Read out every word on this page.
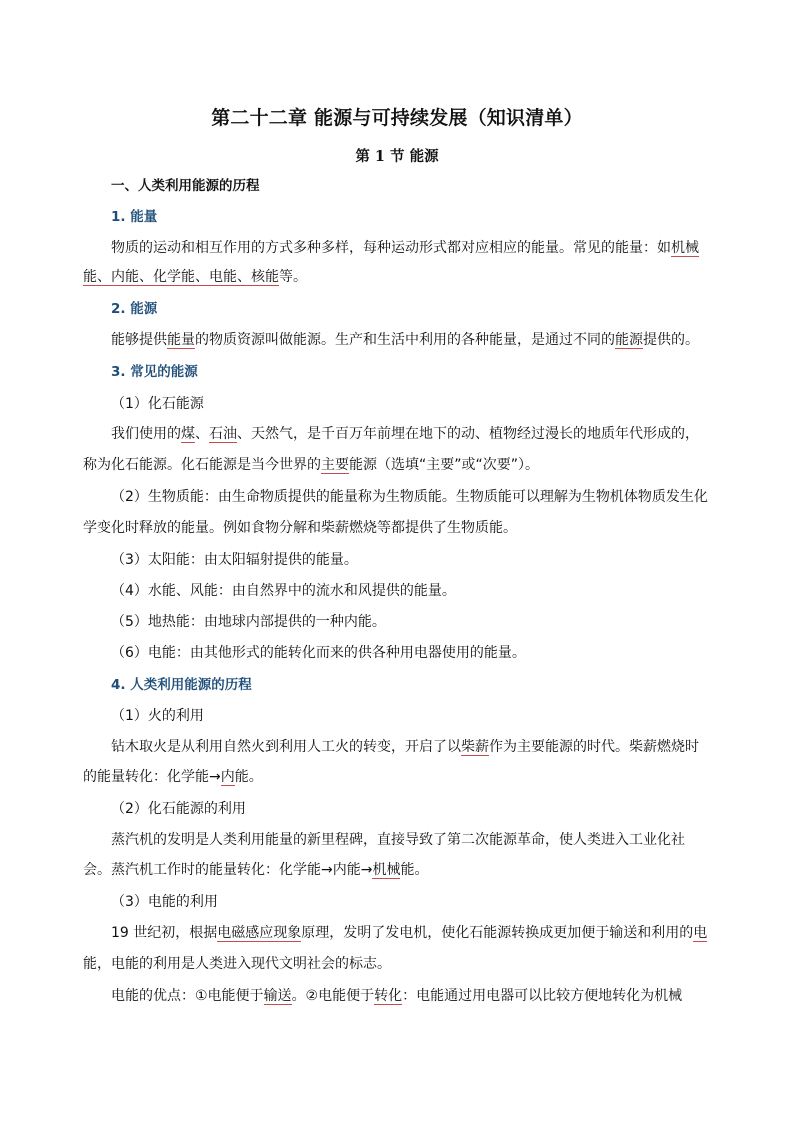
第二十二章 能源与可持续发展（知识清单）
第 1 节 能源
一、人类利用能源的历程
1. 能量
物质的运动和相互作用的方式多种多样，每种运动形式都对应相应的能量。常见的能量：如机械
能、内能、化学能、电能、核能等。
2. 能源
能够提供能量的物质资源叫做能源。生产和生活中利用的各种能量，是通过不同的能源提供的。
3. 常见的能源
（1）化石能源
我们使用的煤、石油、天然气，是千百万年前埋在地下的动、植物经过漫长的地质年代形成的，
称为化石能源。化石能源是当今世界的主要能源（选填“主要”或“次要”）。
（2）生物质能：由生命物质提供的能量称为生物质能。生物质能可以理解为生物机体物质发生化
学变化时释放的能量。例如食物分解和柴薪燃烧等都提供了生物质能。
（3）太阳能：由太阳辐射提供的能量。
（4）水能、风能：由自然界中的流水和风提供的能量。
（5）地热能：由地球内部提供的一种内能。
（6）电能：由其他形式的能转化而来的供各种用电器使用的能量。
4. 人类利用能源的历程
（1）火的利用
钻木取火是从利用自然火到利用人工火的转变，开启了以柴薪作为主要能源的时代。柴薪燃烧时
的能量转化：化学能→内能。
（2）化石能源的利用
蒸汽机的发明是人类利用能量的新里程碑，直接导致了第二次能源革命，使人类进入工业化社
会。蒸汽机工作时的能量转化：化学能→内能→机械能。
（3）电能的利用
19 世纪初，根据电磁感应现象原理，发明了发电机，使化石能源转换成更加便于输送和利用的电
能，电能的利用是人类进入现代文明社会的标志。
电能的优点：①电能便于输送。②电能便于转化：电能通过用电器可以比较方便地转化为机械
